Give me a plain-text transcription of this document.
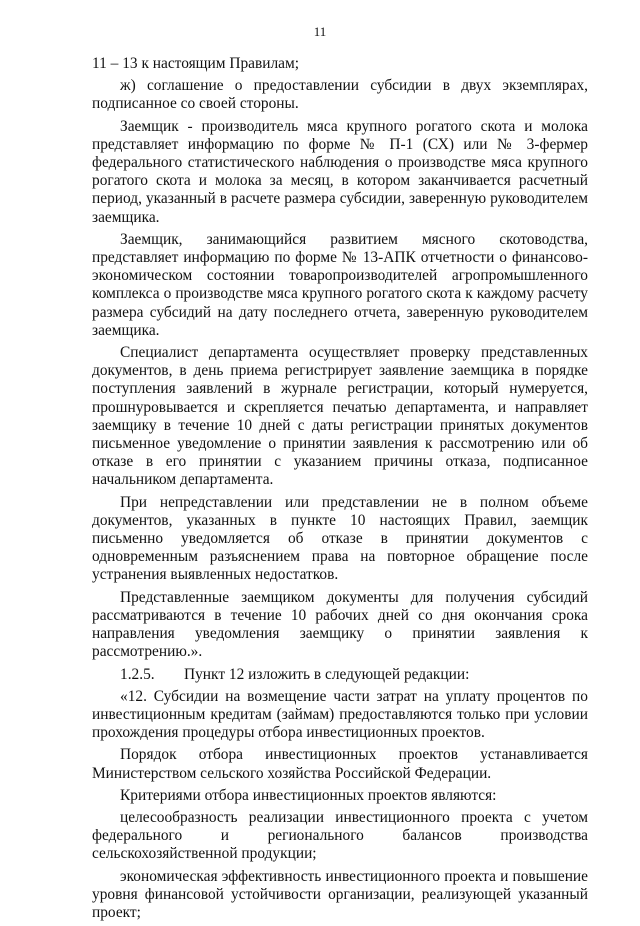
11

11 – 13 к настоящим Правилам;

ж) соглашение о предоставлении субсидии в двух экземплярах, подписанное со своей стороны.

Заемщик - производитель мяса крупного рогатого скота и молока представляет информацию по форме № П-1 (СХ) или № 3-фермер федерального статистического наблюдения о производстве мяса крупного рогатого скота и молока за месяц, в котором заканчивается расчетный период, указанный в расчете размера субсидии, заверенную руководителем заемщика.

Заемщик, занимающийся развитием мясного скотоводства, представляет информацию по форме № 13-АПК отчетности о финансово-экономическом состоянии товаропроизводителей агропромышленного комплекса о производстве мяса крупного рогатого скота к каждому расчету размера субсидий на дату последнего отчета, заверенную руководителем заемщика.

Специалист департамента осуществляет проверку представленных документов, в день приема регистрирует заявление заемщика в порядке поступления заявлений в журнале регистрации, который нумеруется, прошнуровывается и скрепляется печатью департамента, и направляет заемщику в течение 10 дней с даты регистрации принятых документов письменное уведомление о принятии заявления к рассмотрению или об отказе в его принятии с указанием причины отказа, подписанное начальником департамента.

При непредставлении или представлении не в полном объеме документов, указанных в пункте 10 настоящих Правил, заемщик письменно уведомляется об отказе в принятии документов с одновременным разъяснением права на повторное обращение после устранения выявленных недостатков.

Представленные заемщиком документы для получения субсидий рассматриваются в течение 10 рабочих дней со дня окончания срока направления уведомления заемщику о принятии заявления к рассмотрению.».

1.2.5. Пункт 12 изложить в следующей редакции:

«12. Субсидии на возмещение части затрат на уплату процентов по инвестиционным кредитам (займам) предоставляются только при условии прохождения процедуры отбора инвестиционных проектов.

Порядок отбора инвестиционных проектов устанавливается Министерством сельского хозяйства Российской Федерации.

Критериями отбора инвестиционных проектов являются:

целесообразность реализации инвестиционного проекта с учетом федерального и регионального балансов производства сельскохозяйственной продукции;

экономическая эффективность инвестиционного проекта и повышение уровня финансовой устойчивости организации, реализующей указанный проект;
